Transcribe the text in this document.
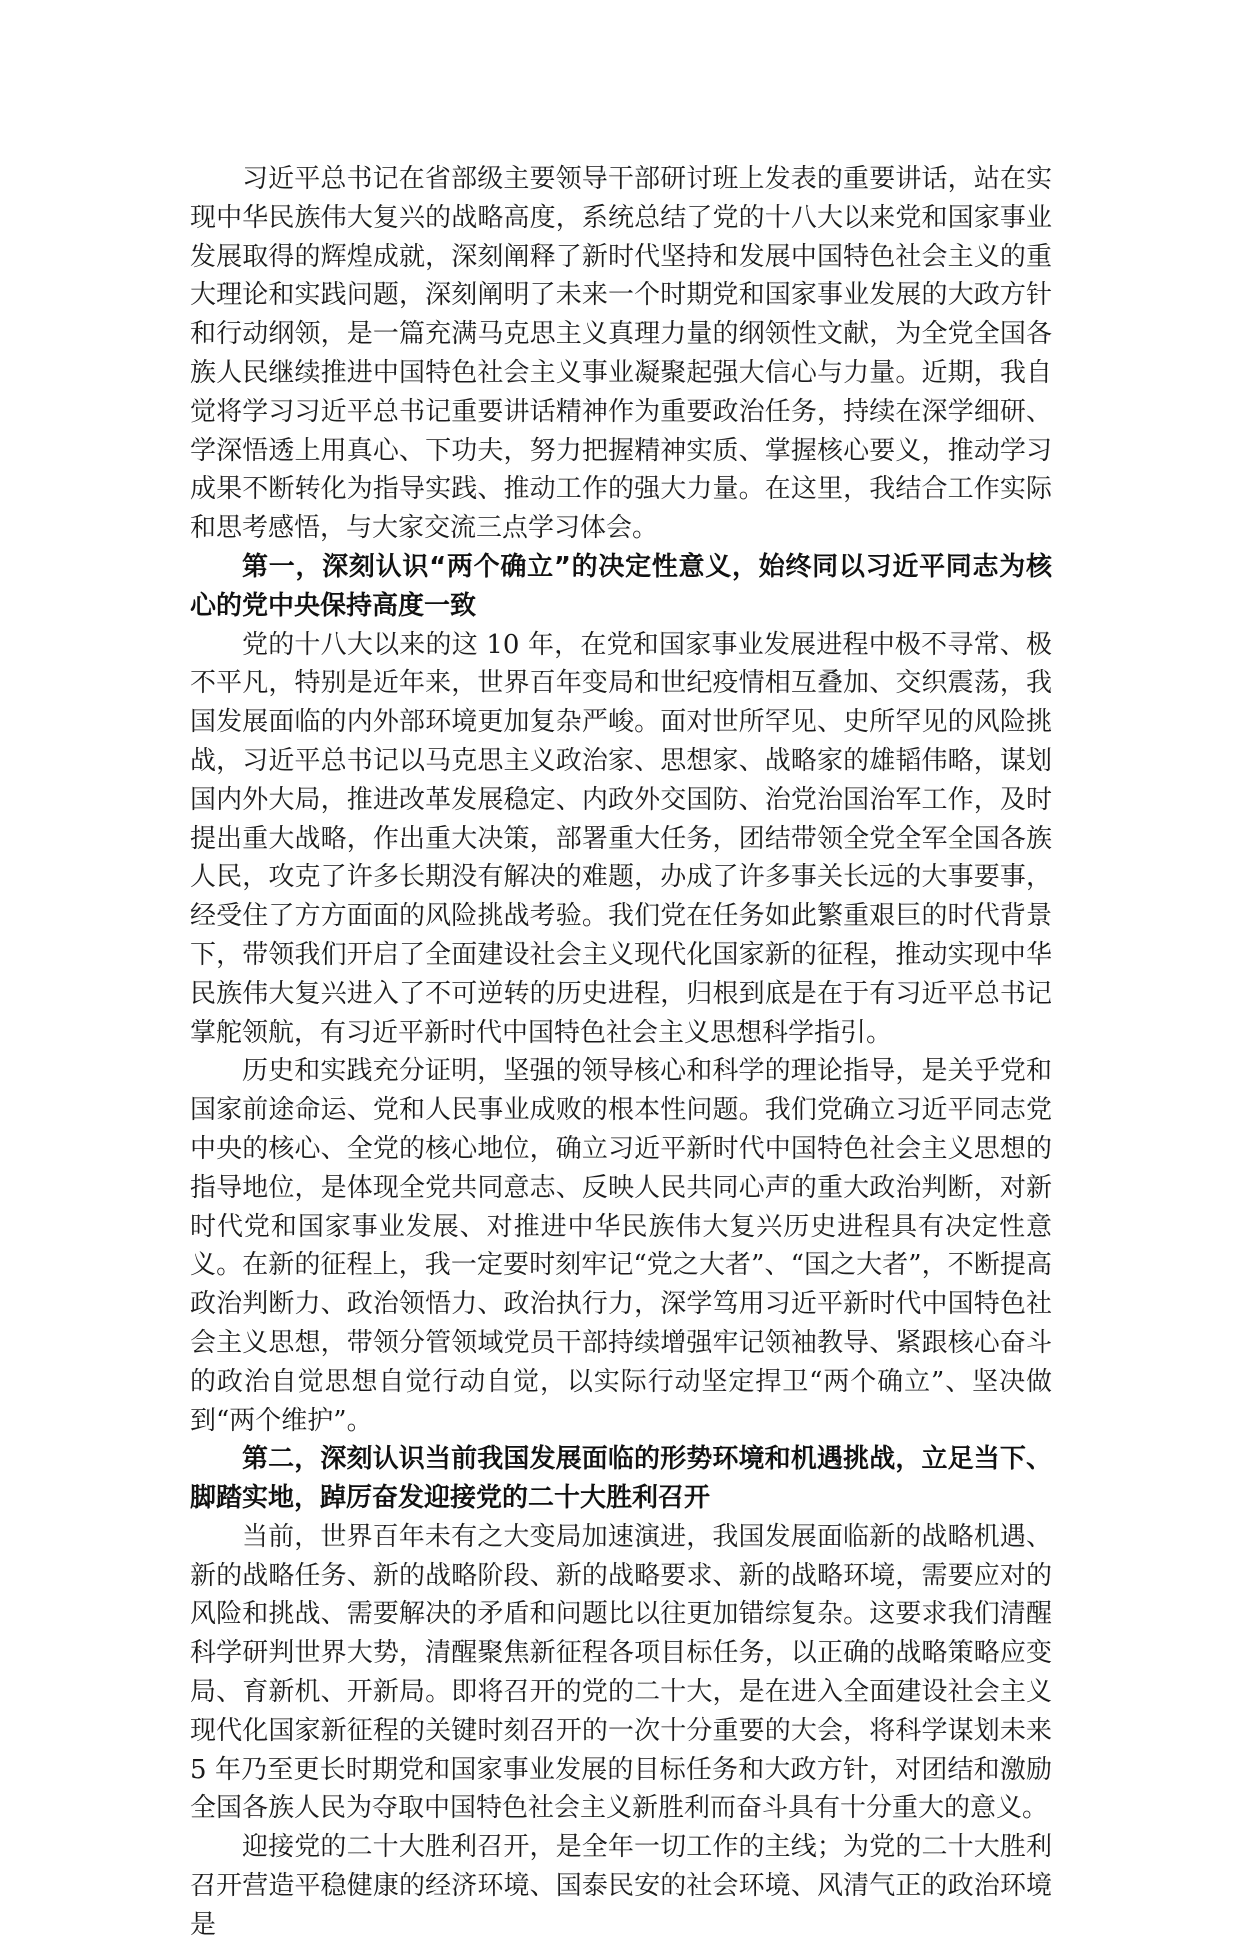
习近平总书记在省部级主要领导干部研讨班上发表的重要讲话，站在实现中华民族伟大复兴的战略高度，系统总结了党的十八大以来党和国家事业发展取得的辉煌成就，深刻阐释了新时代坚持和发展中国特色社会主义的重大理论和实践问题，深刻阐明了未来一个时期党和国家事业发展的大政方针和行动纲领，是一篇充满马克思主义真理力量的纲领性文献，为全党全国各族人民继续推进中国特色社会主义事业凝聚起强大信心与力量。近期，我自觉将学习习近平总书记重要讲话精神作为重要政治任务，持续在深学细研、学深悟透上用真心、下功夫，努力把握精神实质、掌握核心要义，推动学习成果不断转化为指导实践、推动工作的强大力量。在这里，我结合工作实际和思考感悟，与大家交流三点学习体会。

第一，深刻认识“两个确立”的决定性意义，始终同以习近平同志为核心的党中央保持高度一致

党的十八大以来的这 10 年，在党和国家事业发展进程中极不寻常、极不平凡，特别是近年来，世界百年变局和世纪疫情相互叠加、交织震荡，我国发展面临的内外部环境更加复杂严峻。面对世所罕见、史所罕见的风险挑战，习近平总书记以马克思主义政治家、思想家、战略家的雄韬伟略，谋划国内外大局，推进改革发展稳定、内政外交国防、治党治国治军工作，及时提出重大战略，作出重大决策，部署重大任务，团结带领全党全军全国各族人民，攻克了许多长期没有解决的难题，办成了许多事关长远的大事要事，经受住了方方面面的风险挑战考验。我们党在任务如此繁重艰巨的时代背景下，带领我们开启了全面建设社会主义现代化国家新的征程，推动实现中华民族伟大复兴进入了不可逆转的历史进程，归根到底是在于有习近平总书记掌舵领航，有习近平新时代中国特色社会主义思想科学指引。

历史和实践充分证明，坚强的领导核心和科学的理论指导，是关乎党和国家前途命运、党和人民事业成败的根本性问题。我们党确立习近平同志党中央的核心、全党的核心地位，确立习近平新时代中国特色社会主义思想的指导地位，是体现全党共同意志、反映人民共同心声的重大政治判断，对新时代党和国家事业发展、对推进中华民族伟大复兴历史进程具有决定性意义。在新的征程上，我一定要时刻牢记“党之大者”、“国之大者”，不断提高政治判断力、政治领悟力、政治执行力，深学笃用习近平新时代中国特色社会主义思想，带领分管领域党员干部持续增强牢记领袖教导、紧跟核心奋斗的政治自觉思想自觉行动自觉，以实际行动坚定捍卫“两个确立”、坚决做到“两个维护”。

第二，深刻认识当前我国发展面临的形势环境和机遇挑战，立足当下、脚踏实地，踔厉奋发迎接党的二十大胜利召开

当前，世界百年未有之大变局加速演进，我国发展面临新的战略机遇、新的战略任务、新的战略阶段、新的战略要求、新的战略环境，需要应对的风险和挑战、需要解决的矛盾和问题比以往更加错综复杂。这要求我们清醒科学研判世界大势，清醒聚焦新征程各项目标任务，以正确的战略策略应变局、育新机、开新局。即将召开的党的二十大，是在进入全面建设社会主义现代化国家新征程的关键时刻召开的一次十分重要的大会，将科学谋划未来 5 年乃至更长时期党和国家事业发展的目标任务和大政方针，对团结和激励全国各族人民为夺取中国特色社会主义新胜利而奋斗具有十分重大的意义。

迎接党的二十大胜利召开，是全年一切工作的主线；为党的二十大胜利召开营造平稳健康的经济环境、国泰民安的社会环境、风清气正的政治环境是
